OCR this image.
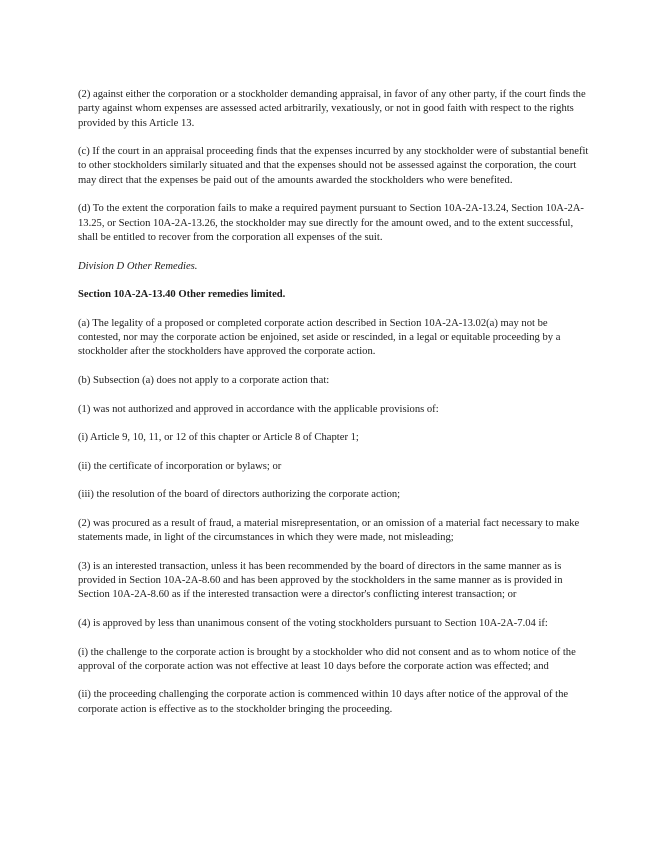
(2) against either the corporation or a stockholder demanding appraisal, in favor of any other party, if the court finds the party against whom expenses are assessed acted arbitrarily, vexatiously, or not in good faith with respect to the rights provided by this Article 13.

(c) If the court in an appraisal proceeding finds that the expenses incurred by any stockholder were of substantial benefit to other stockholders similarly situated and that the expenses should not be assessed against the corporation, the court may direct that the expenses be paid out of the amounts awarded the stockholders who were benefited.

(d) To the extent the corporation fails to make a required payment pursuant to Section 10A-2A-13.24, Section 10A-2A-13.25, or Section 10A-2A-13.26, the stockholder may sue directly for the amount owed, and to the extent successful, shall be entitled to recover from the corporation all expenses of the suit.

Division D Other Remedies.

Section 10A-2A-13.40 Other remedies limited.

(a) The legality of a proposed or completed corporate action described in Section 10A-2A-13.02(a) may not be contested, nor may the corporate action be enjoined, set aside or rescinded, in a legal or equitable proceeding by a stockholder after the stockholders have approved the corporate action.

(b) Subsection (a) does not apply to a corporate action that:

(1) was not authorized and approved in accordance with the applicable provisions of:

(i) Article 9, 10, 11, or 12 of this chapter or Article 8 of Chapter 1;

(ii) the certificate of incorporation or bylaws; or

(iii) the resolution of the board of directors authorizing the corporate action;

(2) was procured as a result of fraud, a material misrepresentation, or an omission of a material fact necessary to make statements made, in light of the circumstances in which they were made, not misleading;

(3) is an interested transaction, unless it has been recommended by the board of directors in the same manner as is provided in Section 10A-2A-8.60 and has been approved by the stockholders in the same manner as is provided in Section 10A-2A-8.60 as if the interested transaction were a director's conflicting interest transaction; or

(4) is approved by less than unanimous consent of the voting stockholders pursuant to Section 10A-2A-7.04 if:

(i) the challenge to the corporate action is brought by a stockholder who did not consent and as to whom notice of the approval of the corporate action was not effective at least 10 days before the corporate action was effected; and

(ii) the proceeding challenging the corporate action is commenced within 10 days after notice of the approval of the corporate action is effective as to the stockholder bringing the proceeding.
